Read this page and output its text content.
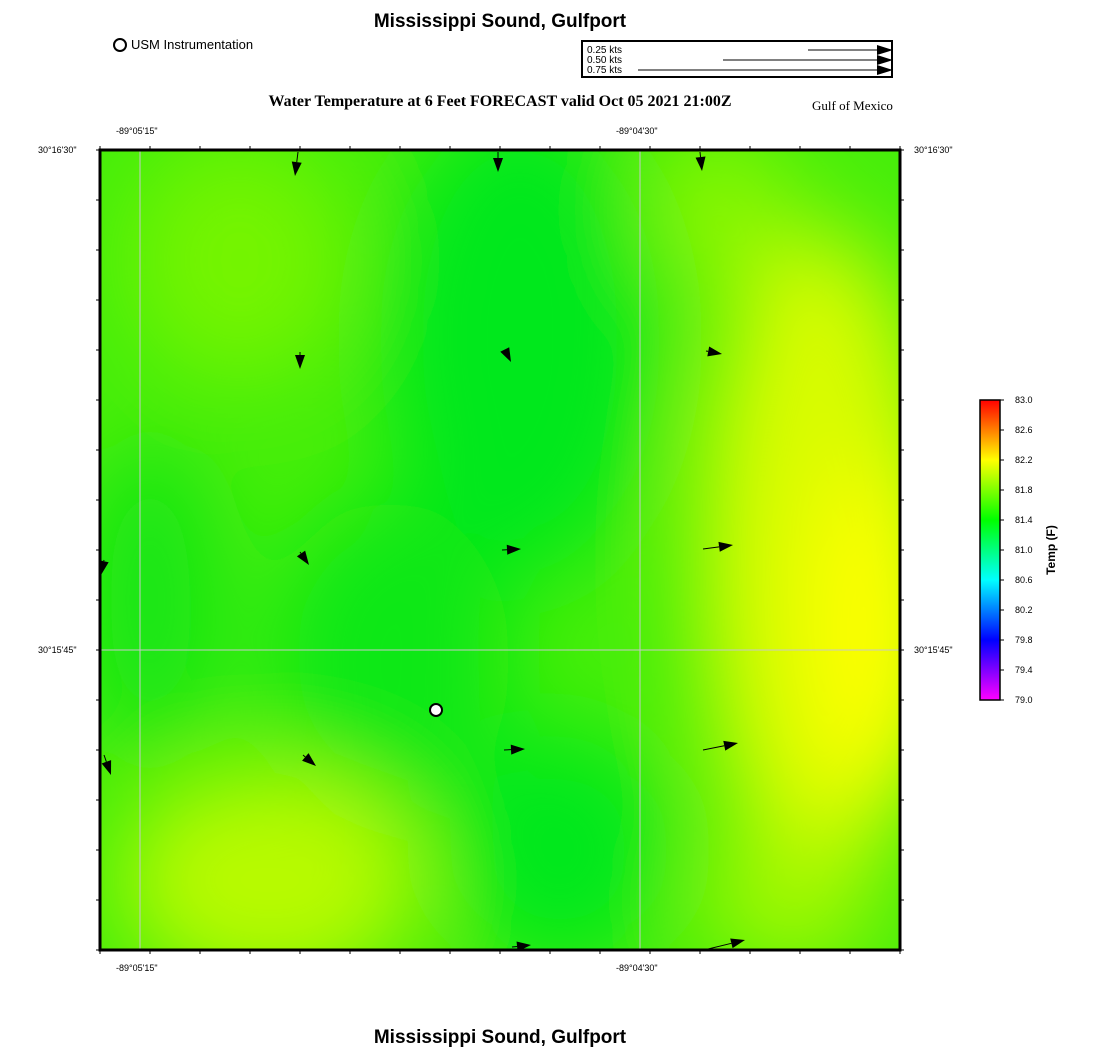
Mississippi Sound, Gulfport
Water Temperature at 6 Feet FORECAST valid Oct 05 2021 21:00Z	Gulf of Mexico
Mississippi Sound, Gulfport
USM Instrumentation	0.25 kts
0.50 kts
0.75 kts
-89°05'15"	-89°04'30"
-89°05'15"	-89°04'30"
30°16'30"
30°15'45"
30°16'30"
30°15'45"
83.0
82.6
82.2
81.8
81.4
81.0
80.6
80.2
79.8
79.4
79.0
Temp (F)
